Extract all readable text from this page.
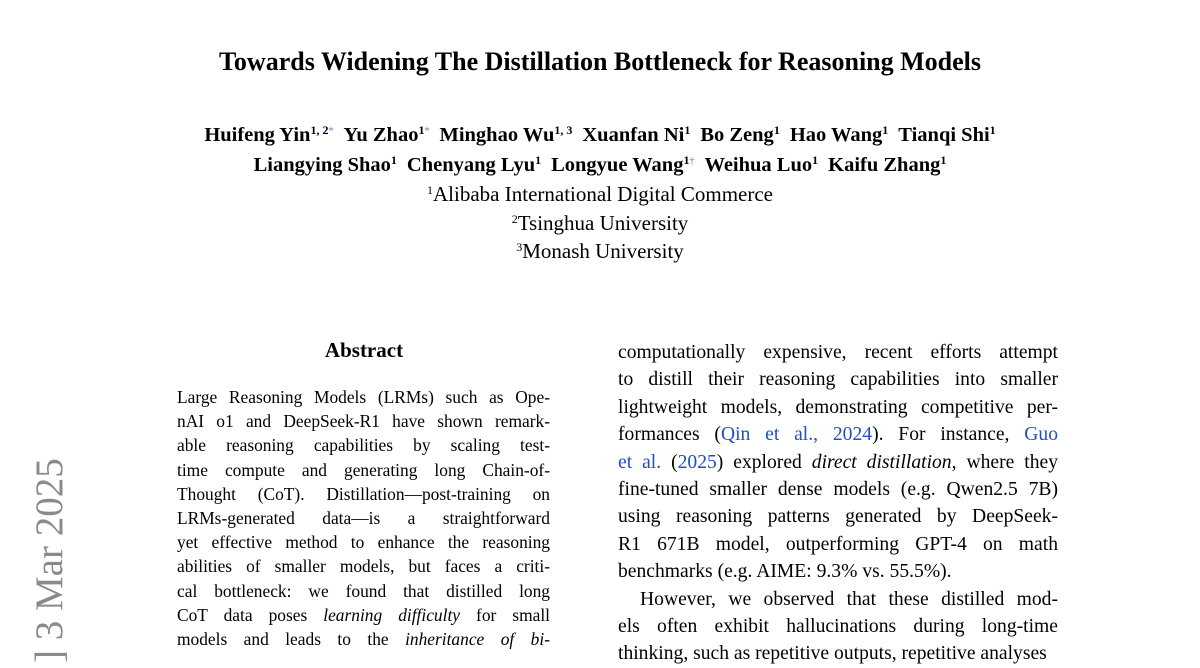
Towards Widening The Distillation Bottleneck for Reasoning Models
Huifeng Yin$^{1, 2*}$ Yu Zhao$^{1*}$ Minghao Wu$^{1, 3}$ Xuanfan Ni$^1$ Bo Zeng$^1$ Hao Wang$^1$ Tianqi Shi$^1$
Liangying Shao$^1$ Chenyang Lyu$^1$ Longyue Wang$^{1\dagger}$ Weihua Luo$^1$ Kaifu Zhang$^1$
$^1$Alibaba International Digital Commerce
$^2$Tsinghua University
$^3$Monash University
] 3 Mar 2025
Abstract
Large Reasoning Models (LRMs) such as Ope-
nAI o1 and DeepSeek-R1 have shown remark-
able reasoning capabilities by scaling test-
time compute and generating long Chain-of-
Thought (CoT). Distillation—post-training on
LRMs-generated data—is a straightforward
yet effective method to enhance the reasoning
abilities of smaller models, but faces a criti-
cal bottleneck: we found that distilled long
CoT data poses learning difficulty for small
models and leads to the inheritance of bi-
computationally expensive, recent efforts attempt
to distill their reasoning capabilities into smaller
lightweight models, demonstrating competitive per-
formances (Qin et al., 2024). For instance, Guo
et al. (2025) explored direct distillation, where they
fine-tuned smaller dense models (e.g. Qwen2.5 7B)
using reasoning patterns generated by DeepSeek-
R1 671B model, outperforming GPT-4 on math
benchmarks (e.g. AIME: 9.3% vs. 55.5%).
However, we observed that these distilled mod-
els often exhibit hallucinations during long-time
thinking, such as repetitive outputs, repetitive analyses
